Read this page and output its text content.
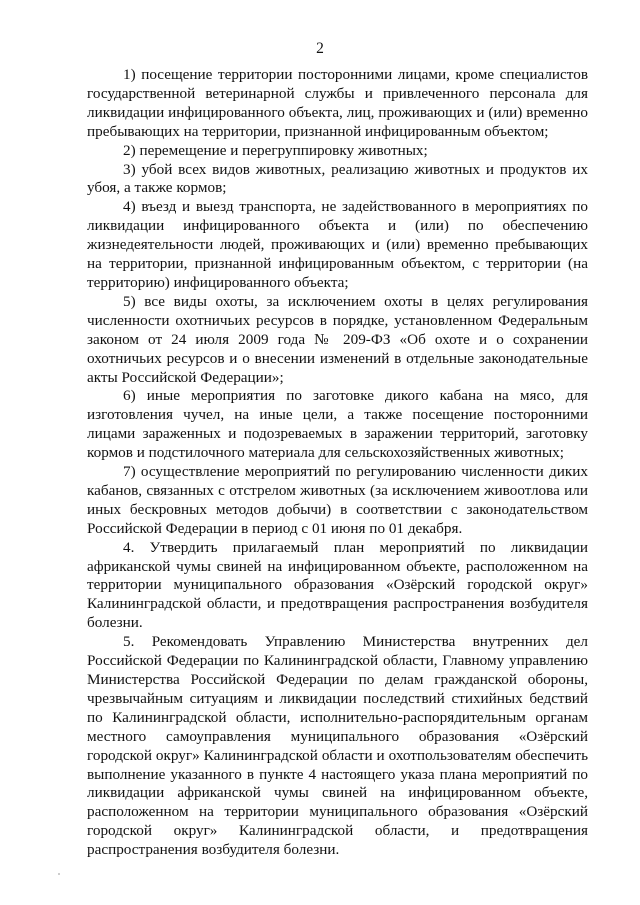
2

1) посещение территории посторонними лицами, кроме специалистов государственной ветеринарной службы и привлеченного персонала для ликвидации инфицированного объекта, лиц, проживающих и (или) временно пребывающих на территории, признанной инфицированным объектом;

2) перемещение и перегруппировку животных;

3) убой всех видов животных, реализацию животных и продуктов их убоя, а также кормов;

4) въезд и выезд транспорта, не задействованного в мероприятиях по ликвидации инфицированного объекта и (или) по обеспечению жизнедеятельности людей, проживающих и (или) временно пребывающих на территории, признанной инфицированным объектом, с территории (на территорию) инфицированного объекта;

5) все виды охоты, за исключением охоты в целях регулирования численности охотничьих ресурсов в порядке, установленном Федеральным законом от 24 июля 2009 года № 209-ФЗ «Об охоте и о сохранении охотничьих ресурсов и о внесении изменений в отдельные законодательные акты Российской Федерации»;

6) иные мероприятия по заготовке дикого кабана на мясо, для изготовления чучел, на иные цели, а также посещение посторонними лицами зараженных и подозреваемых в заражении территорий, заготовку кормов и подстилочного материала для сельскохозяйственных животных;

7) осуществление мероприятий по регулированию численности диких кабанов, связанных с отстрелом животных (за исключением живоотлова или иных бескровных методов добычи) в соответствии с законодательством Российской Федерации в период с 01 июня по 01 декабря.

4. Утвердить прилагаемый план мероприятий по ликвидации африканской чумы свиней на инфицированном объекте, расположенном на территории муниципального образования «Озёрский городской округ» Калининградской области, и предотвращения распространения возбудителя болезни.

5. Рекомендовать Управлению Министерства внутренних дел Российской Федерации по Калининградской области, Главному управлению Министерства Российской Федерации по делам гражданской обороны, чрезвычайным ситуациям и ликвидации последствий стихийных бедствий по Калининградской области, исполнительно-распорядительным органам местного самоуправления муниципального образования «Озёрский городской округ» Калининградской области и охотпользователям обеспечить выполнение указанного в пункте 4 настоящего указа плана мероприятий по ликвидации африканской чумы свиней на инфицированном объекте, расположенном на территории муниципального образования «Озёрский городской округ» Калининградской области, и предотвращения распространения возбудителя болезни.
